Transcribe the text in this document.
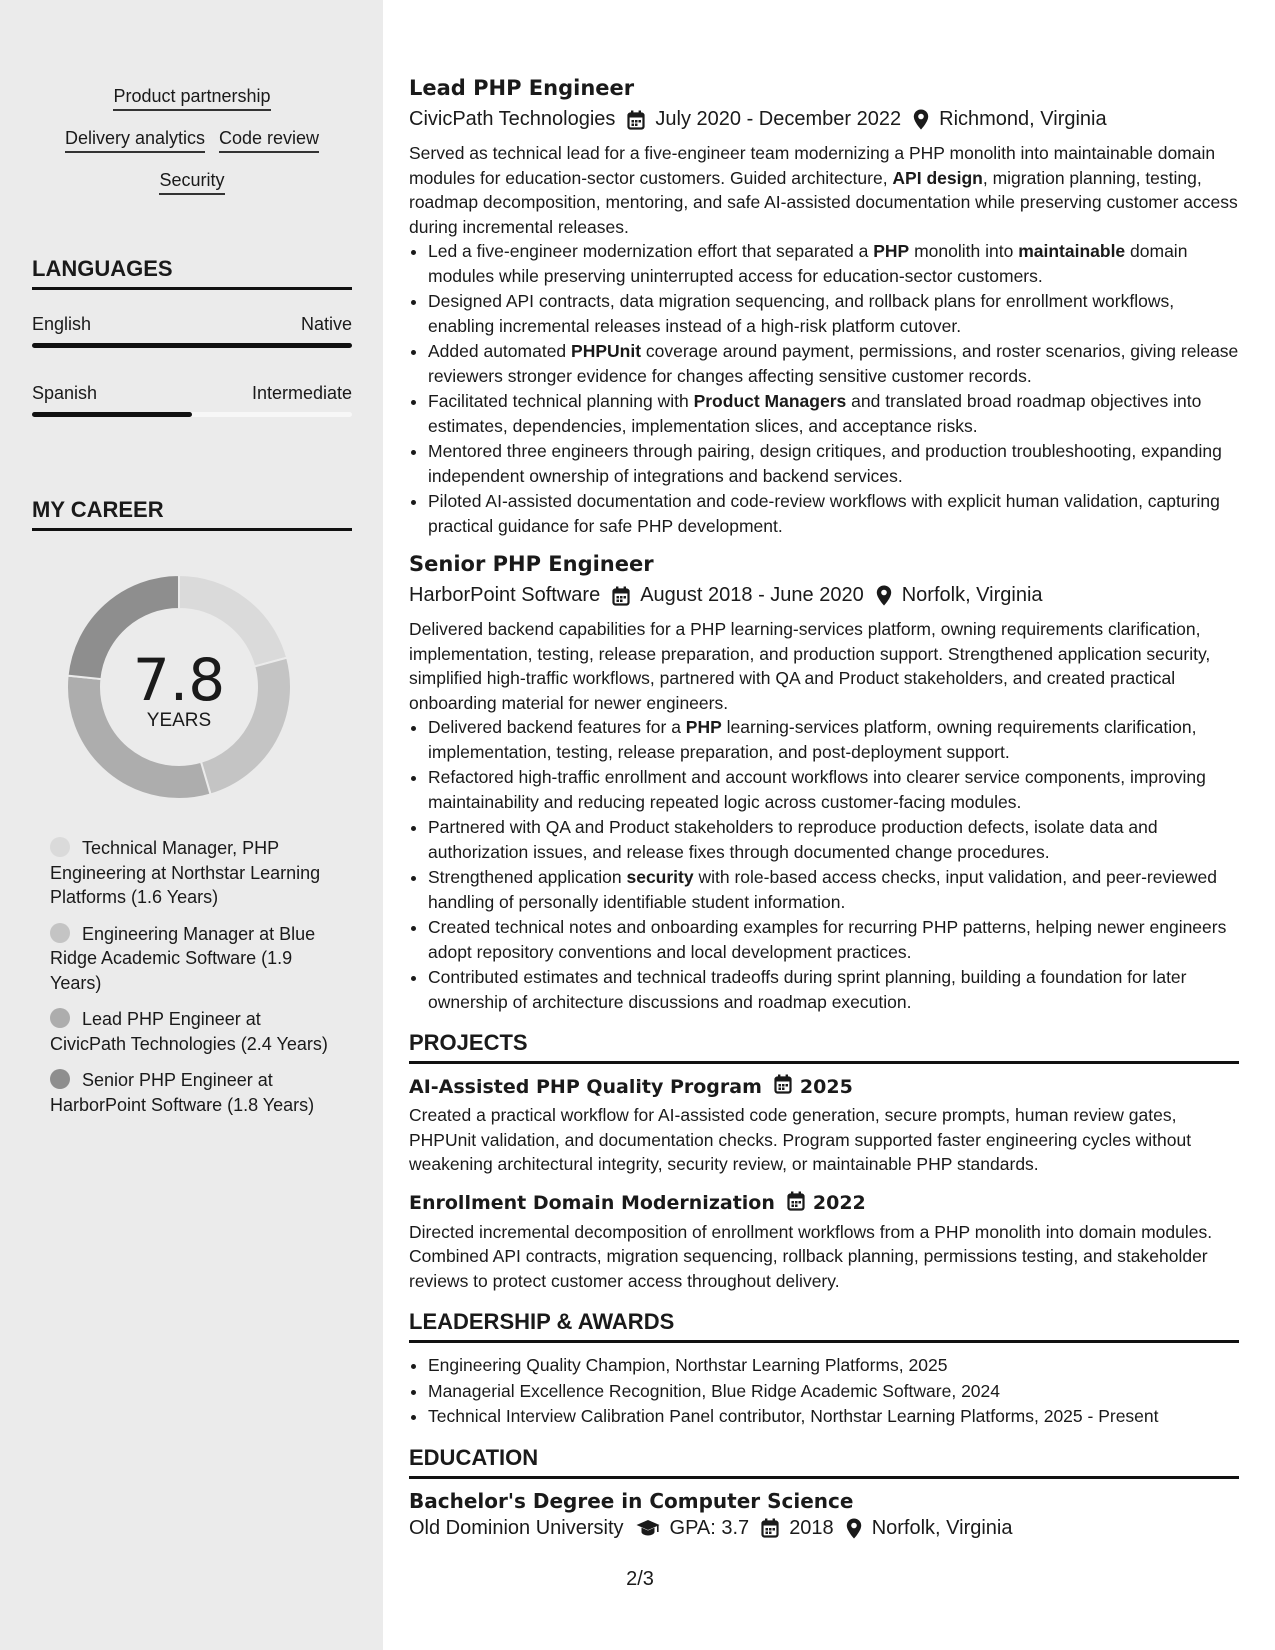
Product partnership
Delivery analytics Code review
Security
LANGUAGES
English	Native
Spanish	Intermediate
MY CAREER
7.8
YEARS
Technical Manager, PHP Engineering at Northstar Learning Platforms (1.6 Years)
Engineering Manager at Blue Ridge Academic Software (1.9 Years)
Lead PHP Engineer at CivicPath Technologies (2.4 Years)
Senior PHP Engineer at HarborPoint Software (1.8 Years)
Lead PHP Engineer
CivicPath Technologies July 2020 - December 2022 Richmond, Virginia
Served as technical lead for a five-engineer team modernizing a PHP monolith into maintainable domain modules for education-sector customers. Guided architecture, API design, migration planning, testing, roadmap decomposition, mentoring, and safe AI-assisted documentation while preserving customer access during incremental releases.
• Led a five-engineer modernization effort that separated a PHP monolith into maintainable domain modules while preserving uninterrupted access for education-sector customers.
• Designed API contracts, data migration sequencing, and rollback plans for enrollment workflows, enabling incremental releases instead of a high-risk platform cutover.
• Added automated PHPUnit coverage around payment, permissions, and roster scenarios, giving release reviewers stronger evidence for changes affecting sensitive customer records.
• Facilitated technical planning with Product Managers and translated broad roadmap objectives into estimates, dependencies, implementation slices, and acceptance risks.
• Mentored three engineers through pairing, design critiques, and production troubleshooting, expanding independent ownership of integrations and backend services.
• Piloted AI-assisted documentation and code-review workflows with explicit human validation, capturing practical guidance for safe PHP development.
Senior PHP Engineer
HarborPoint Software August 2018 - June 2020 Norfolk, Virginia
Delivered backend capabilities for a PHP learning-services platform, owning requirements clarification, implementation, testing, release preparation, and production support. Strengthened application security, simplified high-traffic workflows, partnered with QA and Product stakeholders, and created practical onboarding material for newer engineers.
• Delivered backend features for a PHP learning-services platform, owning requirements clarification, implementation, testing, release preparation, and post-deployment support.
• Refactored high-traffic enrollment and account workflows into clearer service components, improving maintainability and reducing repeated logic across customer-facing modules.
• Partnered with QA and Product stakeholders to reproduce production defects, isolate data and authorization issues, and release fixes through documented change procedures.
• Strengthened application security with role-based access checks, input validation, and peer-reviewed handling of personally identifiable student information.
• Created technical notes and onboarding examples for recurring PHP patterns, helping newer engineers adopt repository conventions and local development practices.
• Contributed estimates and technical tradeoffs during sprint planning, building a foundation for later ownership of architecture discussions and roadmap execution.
PROJECTS
AI-Assisted PHP Quality Program 2025
Created a practical workflow for AI-assisted code generation, secure prompts, human review gates, PHPUnit validation, and documentation checks. Program supported faster engineering cycles without weakening architectural integrity, security review, or maintainable PHP standards.
Enrollment Domain Modernization 2022
Directed incremental decomposition of enrollment workflows from a PHP monolith into domain modules. Combined API contracts, migration sequencing, rollback planning, permissions testing, and stakeholder reviews to protect customer access throughout delivery.
LEADERSHIP & AWARDS
• Engineering Quality Champion, Northstar Learning Platforms, 2025
• Managerial Excellence Recognition, Blue Ridge Academic Software, 2024
• Technical Interview Calibration Panel contributor, Northstar Learning Platforms, 2025 - Present
EDUCATION
Bachelor's Degree in Computer Science
Old Dominion University GPA: 3.7 2018 Norfolk, Virginia
2/3
